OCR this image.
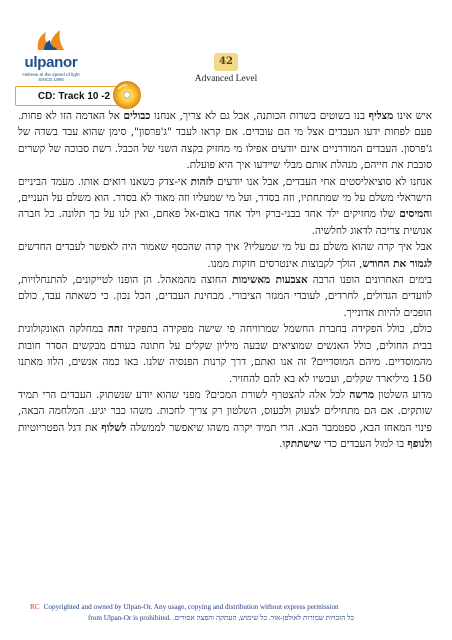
ulpanor
Hebrew at the speed of light
SINCE 1995
42
Advanced Level
CD: Track 10 -2

איש אינו מצליף בנו בשוטים בשדות הכותנה, אבל גם לא צריך, אנחנו כבולים אל האדמה הזו לא פחות. פעם לפחות ידעו העבדים אצל מי הם עובדים. אם קראו לעבד "ג'פרסון", סימן שהוא עבד בשדה של ג'פרסון. העבדים המודרניים אינם יודעים אפילו מי מחזיק בקצה השני של הכבל. רשת סבוכה של קשרים סובבת את חייהם, מנהלת אותם מבלי שיידעו איך היא פועלת.

אנחנו לא סוציאליסטים אחי העבדים, אבל אנו יודעים לזהות אי-צדק כשאנו רואים אותו. מעמד הביניים הישראלי משלם על מי שמתחתיו, וזה בסדר, ועל מי שמעליו וזה מאוד לא בסדר. הוא משלם על העניים, והמיסים שלו מחזיקים ילד אחד בבני-ברק וילד אחד באום-אל פאחם, ואין לנו על כך תלונה. כל חברה אנושית צריכה לדאוג לחלשיה.

אבל איך קרה שהוא משלם גם על מי שמעליו? איך קרה שהכסף שאמור היה לאפשר לעבדים החדשים לגמור את החודש, הולך לקבוצות אינטרסים חזקות ממנו.

בימים האחרונים הופנו הרבה אצבעות מאשימות החוצה מהמאהל. הן הופנו לטייקונים, להתנחלויות, לוועדים הגדולים, לחרדים, לעובדי המגזר הציבורי. מבחינת העבדים, הכל נכון. כי כשאתה עבד, כולם הופכים להיות אדונייך.

כולם, כולל הפקידה בחברת החשמל שמרוויחה פי שישה מפקידה בתפקיד זהה במחלקה האונקולוגית בבית החולים, כולל האנשים שמוציאים שבעה מיליון שקלים על חתונה בעודם מבקשים הסדר חובות מהמוסדיים. מיהם המוסדיים? זה אנו ואתם, דרך קרנות הפנסיה שלנו. באו כמה אנשים, הלוו מאתנו 150 מיליארד שקלים, ועכשיו לא בא להם להחזיר.

מדוע השלטון מרשה לכל אלה להצטרף לשורת המכים? מפני שהוא יודע שנשתוק. העבדים הרי תמיד שותקים. אם הם מתחילים לצעוק ולכעוס, השלטון רק צריך לחכות. משהו כבר יגיע. המלחמה הבאה, פינוי המאחז הבא, ספטמבר הבא. הרי תמיד יקרה משהו שיאפשר לממשלה לשלוף את דגל הפטריוטיות ולנופף בו למול העבדים כדי שישתתקו.

RC Copyrighted and owned by Ulpan-Or. Any usage, copying and distribution without express permission
from Ulpan-Or is prohibited. כל הזכויות שמורות לאולפן-אור. כל שימוש, העתקה והפצה אסורים.
